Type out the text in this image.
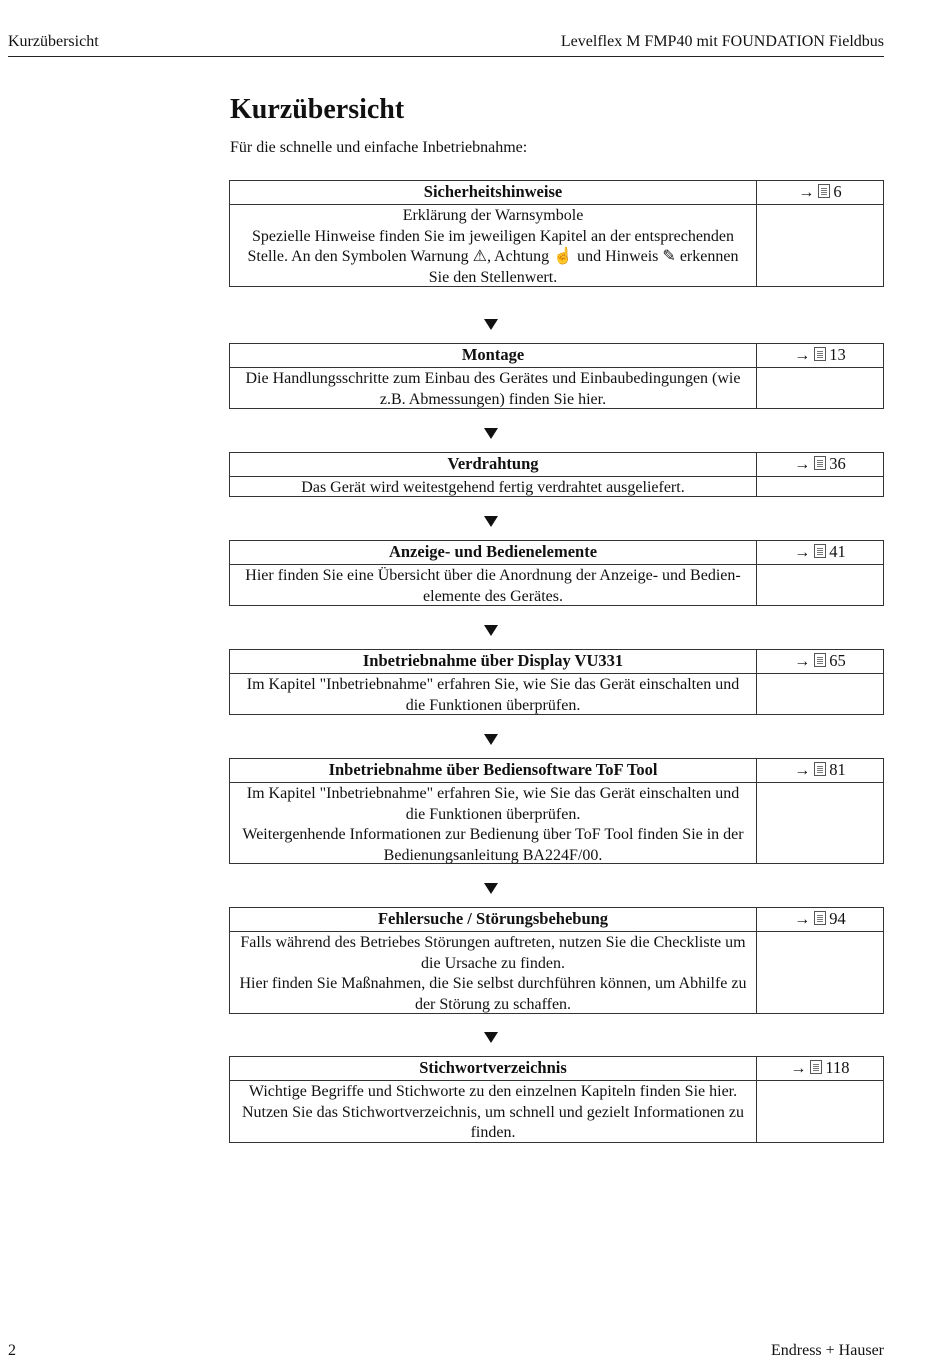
Kurzübersicht	Levelflex M FMP40 mit FOUNDATION Fieldbus
Kurzübersicht
Für die schnelle und einfache Inbetriebnahme:
Sicherheitshinweise	→ 6
Erklärung der Warnsymbole
Spezielle Hinweise finden Sie im jeweiligen Kapitel an der entsprechenden
Stelle. An den Symbolen Warnung ⚠, Achtung ☝ und Hinweis ✎ erkennen
Sie den Stellenwert.
Montage	→ 13
Die Handlungsschritte zum Einbau des Gerätes und Einbaubedingungen (wie
z.B. Abmessungen) finden Sie hier.
Verdrahtung	→ 36
Das Gerät wird weitestgehend fertig verdrahtet ausgeliefert.
Anzeige- und Bedienelemente	→ 41
Hier finden Sie eine Übersicht über die Anordnung der Anzeige- und Bedien-
elemente des Gerätes.
Inbetriebnahme über Display VU331	→ 65
Im Kapitel "Inbetriebnahme" erfahren Sie, wie Sie das Gerät einschalten und
die Funktionen überprüfen.
Inbetriebnahme über Bediensoftware ToF Tool	→ 81
Im Kapitel "Inbetriebnahme" erfahren Sie, wie Sie das Gerät einschalten und
die Funktionen überprüfen.
Weitergenhende Informationen zur Bedienung über ToF Tool finden Sie in der
Bedienungsanleitung BA224F/00.
Fehlersuche / Störungsbehebung	→ 94
Falls während des Betriebes Störungen auftreten, nutzen Sie die Checkliste um
die Ursache zu finden.
Hier finden Sie Maßnahmen, die Sie selbst durchführen können, um Abhilfe zu
der Störung zu schaffen.
Stichwortverzeichnis	→ 118
Wichtige Begriffe und Stichworte zu den einzelnen Kapiteln finden Sie hier.
Nutzen Sie das Stichwortverzeichnis, um schnell und gezielt Informationen zu
finden.
2	Endress + Hauser
